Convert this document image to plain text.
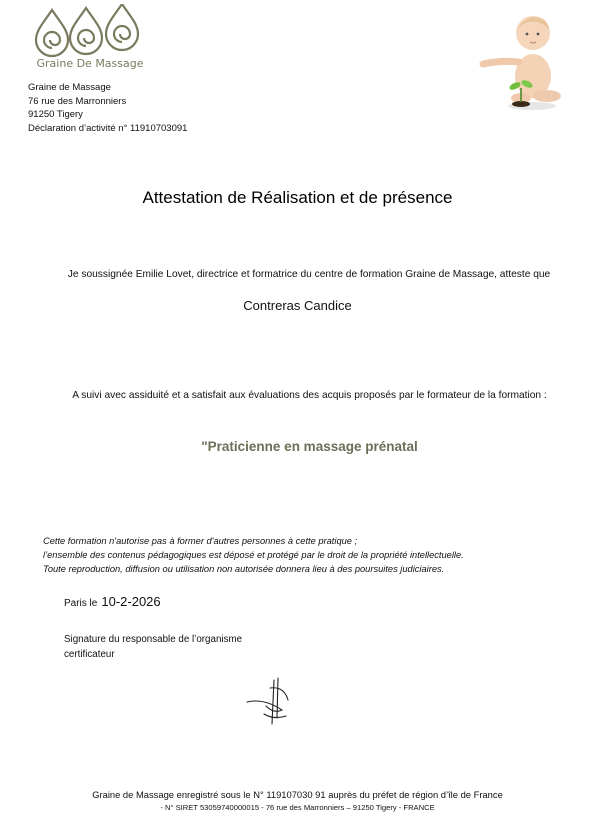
Graine De Massage
Graine de Massage
76 rue des Marronniers
91250 Tigery
Déclaration d’activité n° 11910703091
Attestation de Réalisation et de présence
Je soussignée Emilie Lovet, directrice et formatrice du centre de formation Graine de Massage, atteste que
Contreras Candice
A suivi avec assiduité et a satisfait aux évaluations des acquis proposés par le formateur de la formation :
"Praticienne en massage prénatal
Cette formation n'autorise pas à former d'autres personnes à cette pratique ;
l’ensemble des contenus pédagogiques est déposé et protégé par le droit de la propriété intellectuelle.
Toute reproduction, diffusion ou utilisation non autorisée donnera lieu à des poursuites judiciaires.
Paris le 10-2-2026
Signature du responsable de l’organisme certificateur
Graine de Massage enregistré sous le N° 119107030 91 auprès du préfet de région d’île de France
- N° SIRET 53059740000015 - 76 rue des Marronniers – 91250 Tigery - FRANCE
